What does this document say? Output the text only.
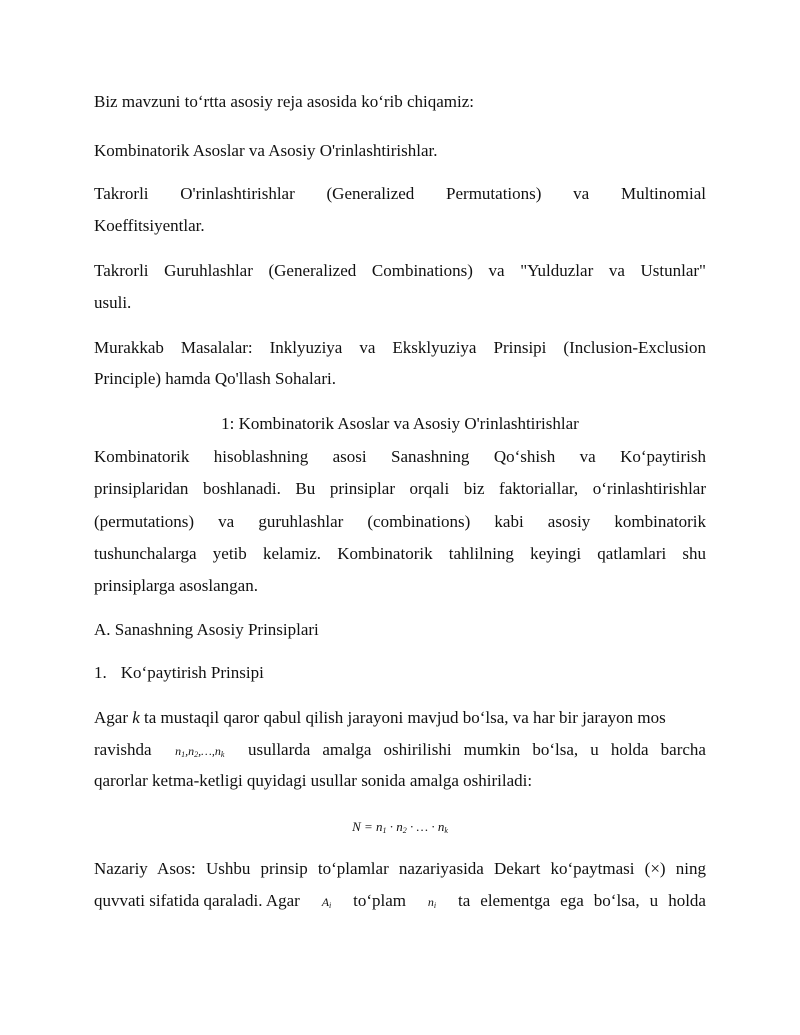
Biz mavzuni to‘rtta asosiy reja asosida ko‘rib chiqamiz:
Kombinatorik Asoslar va Asosiy O'rinlashtirishlar.
Takrorli O'rinlashtirishlar (Generalized Permutations) va Multinomial
Koeffitsiyentlar.
Takrorli Guruhlashlar (Generalized Combinations) va "Yulduzlar va Ustunlar"
usuli.
Murakkab Masalalar: Inklyuziya va Eksklyuziya Prinsipi (Inclusion-Exclusion
Principle) hamda Qo'llash Sohalari.
1: Kombinatorik Asoslar va Asosiy O'rinlashtirishlar
Kombinatorik hisoblashning asosi Sanashning Qo‘shish va Ko‘paytirish
prinsiplaridan boshlanadi. Bu prinsiplar orqali biz faktoriallar, o‘rinlashtirishlar
(permutations) va guruhlashlar (combinations) kabi asosiy kombinatorik
tushunchalarga yetib kelamiz. Kombinatorik tahlilning keyingi qatlamlari shu
prinsiplarga asoslangan.
A. Sanashning Asosiy Prinsiplari
1. Ko‘paytirish Prinsipi
Agar k ta mustaqil qaror qabul qilish jarayoni mavjud bo‘lsa, va har bir jarayon mos
ravishda $n_1,n_2,\dots,n_k$ usullarda amalga oshirilishi mumkin bo‘lsa, u holda barcha
qarorlar ketma-ketligi quyidagi usullar sonida amalga oshiriladi:
$N = n_1 \cdot n_2$ · … · $n_k$
Nazariy Asos: Ushbu prinsip to‘plamlar nazariyasida Dekart ko‘paytmasi (×) ning
quvvati sifatida qaraladi. Agar $A_i$ to‘plam $n_i$ ta elementga ega bo‘lsa, u holda
